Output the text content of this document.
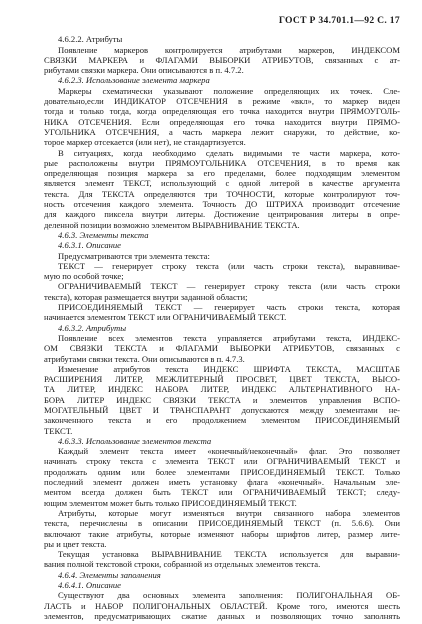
ГОСТ Р 34.701.1—92 С. 17
4.6.2.2. Атрибуты
Появление маркеров контролируется атрибутами маркеров, ИНДЕКСОМ
СВЯЗКИ МАРКЕРА и ФЛАГАМИ ВЫБОРКИ АТРИБУТОВ, связанных с ат-
рибутами связки маркера. Они описываются в п. 4.7.2.
4.6.2.3. Использование элемента маркера
Маркеры схематически указывают положение определяющих их точек. Сле-
довательно,если ИНДИКАТОР ОТСЕЧЕНИЯ в режиме «вкл», то маркер виден
тогда и только тогда, когда определяющая его точка находится внутри ПРЯМОУГОЛЬ-
НИКА ОТСЕЧЕНИЯ. Если определяющая его точка находится внутри ПРЯМО-
УГОЛЬНИКА ОТСЕЧЕНИЯ, а часть маркера лежит снаружи, то действие, ко-
торое маркер отсекается (или нет), не стандартизуется.
В ситуациях, когда необходимо сделать видимыми те части маркера, кото-
рые расположены внутри ПРЯМОУГОЛЬНИКА ОТСЕЧЕНИЯ, в то время как
определяющая позиция маркера за его пределами, более подходящим элементом
является элемент ТЕКСТ, использующий с одной литерой в качестве аргумента
текста. Для ТЕКСТА определяются три ТОЧНОСТИ, которые контролируют точ-
ность отсечения каждого элемента. Точность ДО ШТРИХА производит отсечение
для каждого пиксела внутри литеры. Достижение центрирования литеры в опре-
деленной позиции возможно элементом ВЫРАВНИВАНИЕ ТЕКСТА.
4.6.3. Элементы текста
4.6.3.1. Описание
Предусматриваются три элемента текста:
ТЕКСТ — генерирует строку текста (или часть строки текста), выравнивае-
мую по особой точке;
ОГРАНИЧИВАЕМЫЙ ТЕКСТ — генерирует строку текста (или часть строки
текста), которая размещается внутри заданной области;
ПРИСОЕДИНЯЕМЫЙ ТЕКСТ — генерирует часть строки текста, которая
начинается элементом ТЕКСТ или ОГРАНИЧИВАЕМЫЙ ТЕКСТ.
4.6.3.2. Атрибуты
Появление всех элементов текста управляется атрибутами текста, ИНДЕКС-
ОМ СВЯЗКИ ТЕКСТА и ФЛАГАМИ ВЫБОРКИ АТРИБУТОВ, связанных с
атрибутами связки текста. Они описываются в п. 4.7.3.
Изменение атрибутов текста ИНДЕКС ШРИФТА ТЕКСТА, МАСШТАБ
РАСШИРЕНИЯ ЛИТЕР, МЕЖЛИТЕРНЫЙ ПРОСВЕТ, ЦВЕТ ТЕКСТА, ВЫСО-
ТА ЛИТЕР, ИНДЕКС НАБОРА ЛИТЕР, ИНДЕКС АЛЬТЕРНАТИВНОГО НА-
БОРА ЛИТЕР ИНДЕКС СВЯЗКИ ТЕКСТА и элементов управления ВСПО-
МОГАТЕЛЬНЫЙ ЦВЕТ И ТРАНСПАРАНТ допускаются между элементами не-
законченного текста и его продолжением элементом ПРИСОЕДИНЯЕМЫЙ
ТЕКСТ.
4.6.3.3. Использование элементов текста
Каждый элемент текста имеет «конечный/неконечный» флаг. Это позволяет
начинать строку текста с элемента ТЕКСТ или ОГРАНИЧИВАЕМЫЙ ТЕКСТ и
продолжать одним или более элементами ПРИСОЕДИНЯЕМЫЙ ТЕКСТ. Только
последний элемент должен иметь установку флага «конечный». Начальным эле-
ментом всегда должен быть ТЕКСТ или ОГРАНИЧИВАЕМЫЙ ТЕКСТ; следу-
ющим элементом может быть только ПРИСОЕДИНЯЕМЫЙ ТЕКСТ.
Атрибуты, которые могут изменяться внутри связанного набора элементов
текста, перечислены в описании ПРИСОЕДИНЯЕМЫЙ ТЕКСТ (п. 5.6.6). Они
включают такие атрибуты, которые изменяют наборы шрифтов литер, размер лите-
ры и цвет текста.
Текущая установка ВЫРАВНИВАНИЕ ТЕКСТА используется для выравни-
вания полной текстовой строки, собранной из отдельных элементов текста.
4.6.4. Элементы заполнения
4.6.4.1. Описание
Существуют два основных элемента заполнения: ПОЛИГОНАЛЬНАЯ ОБ-
ЛАСТЬ и НАБОР ПОЛИГОНАЛЬНЫХ ОБЛАСТЕЙ. Кроме того, имеются шесть
элементов, предусматривающих сжатие данных и позволяющих точно заполнять
